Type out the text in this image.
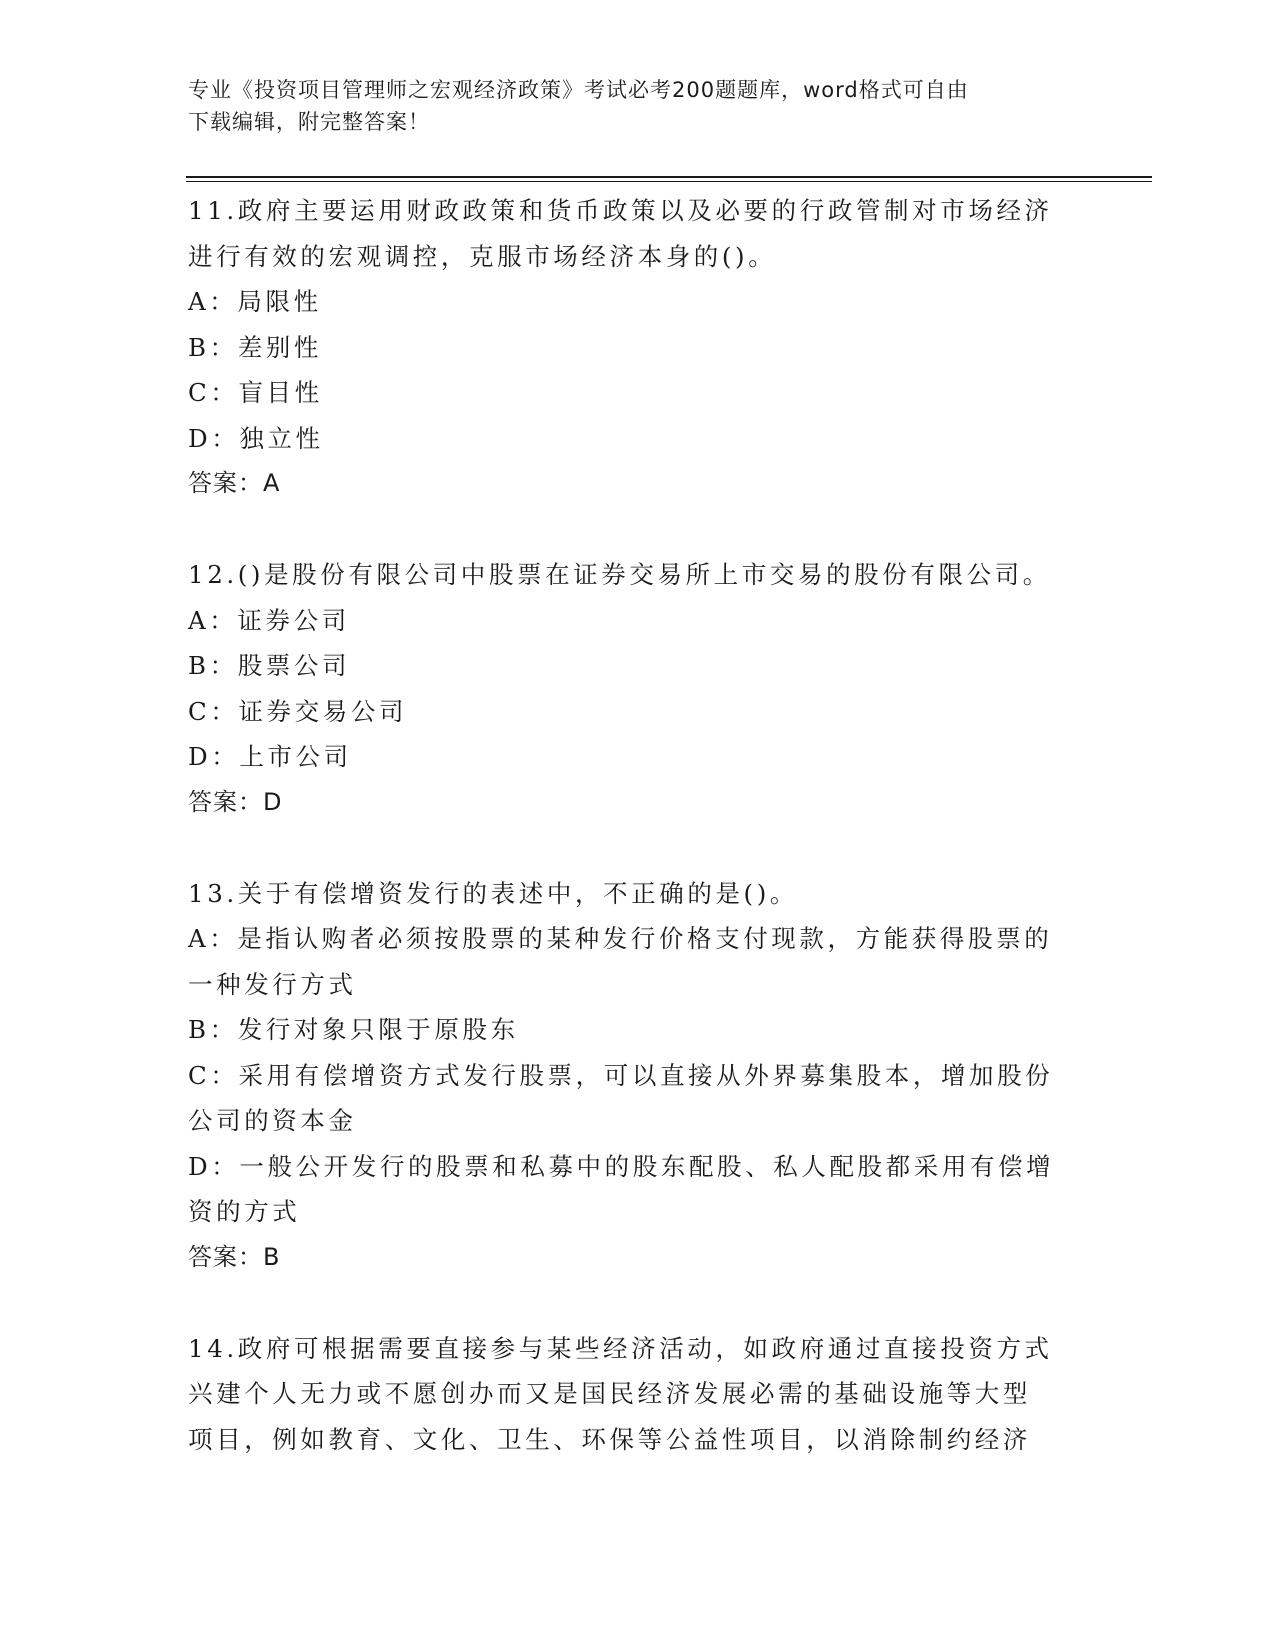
专业《投资项目管理师之宏观经济政策》考试必考200题题库，word格式可自由
下载编辑，附完整答案！
11.政府主要运用财政政策和货币政策以及必要的行政管制对市场经济
进行有效的宏观调控，克服市场经济本身的()。
A：局限性
B：差别性
C：盲目性
D：独立性
答案：A
12.()是股份有限公司中股票在证券交易所上市交易的股份有限公司。
A：证券公司
B：股票公司
C：证券交易公司
D：上市公司
答案：D
13.关于有偿增资发行的表述中，不正确的是()。
A：是指认购者必须按股票的某种发行价格支付现款，方能获得股票的
一种发行方式
B：发行对象只限于原股东
C：采用有偿增资方式发行股票，可以直接从外界募集股本，增加股份
公司的资本金
D：一般公开发行的股票和私募中的股东配股、私人配股都采用有偿增
资的方式
答案：B
14.政府可根据需要直接参与某些经济活动，如政府通过直接投资方式
兴建个人无力或不愿创办而又是国民经济发展必需的基础设施等大型
项目，例如教育、文化、卫生、环保等公益性项目，以消除制约经济
